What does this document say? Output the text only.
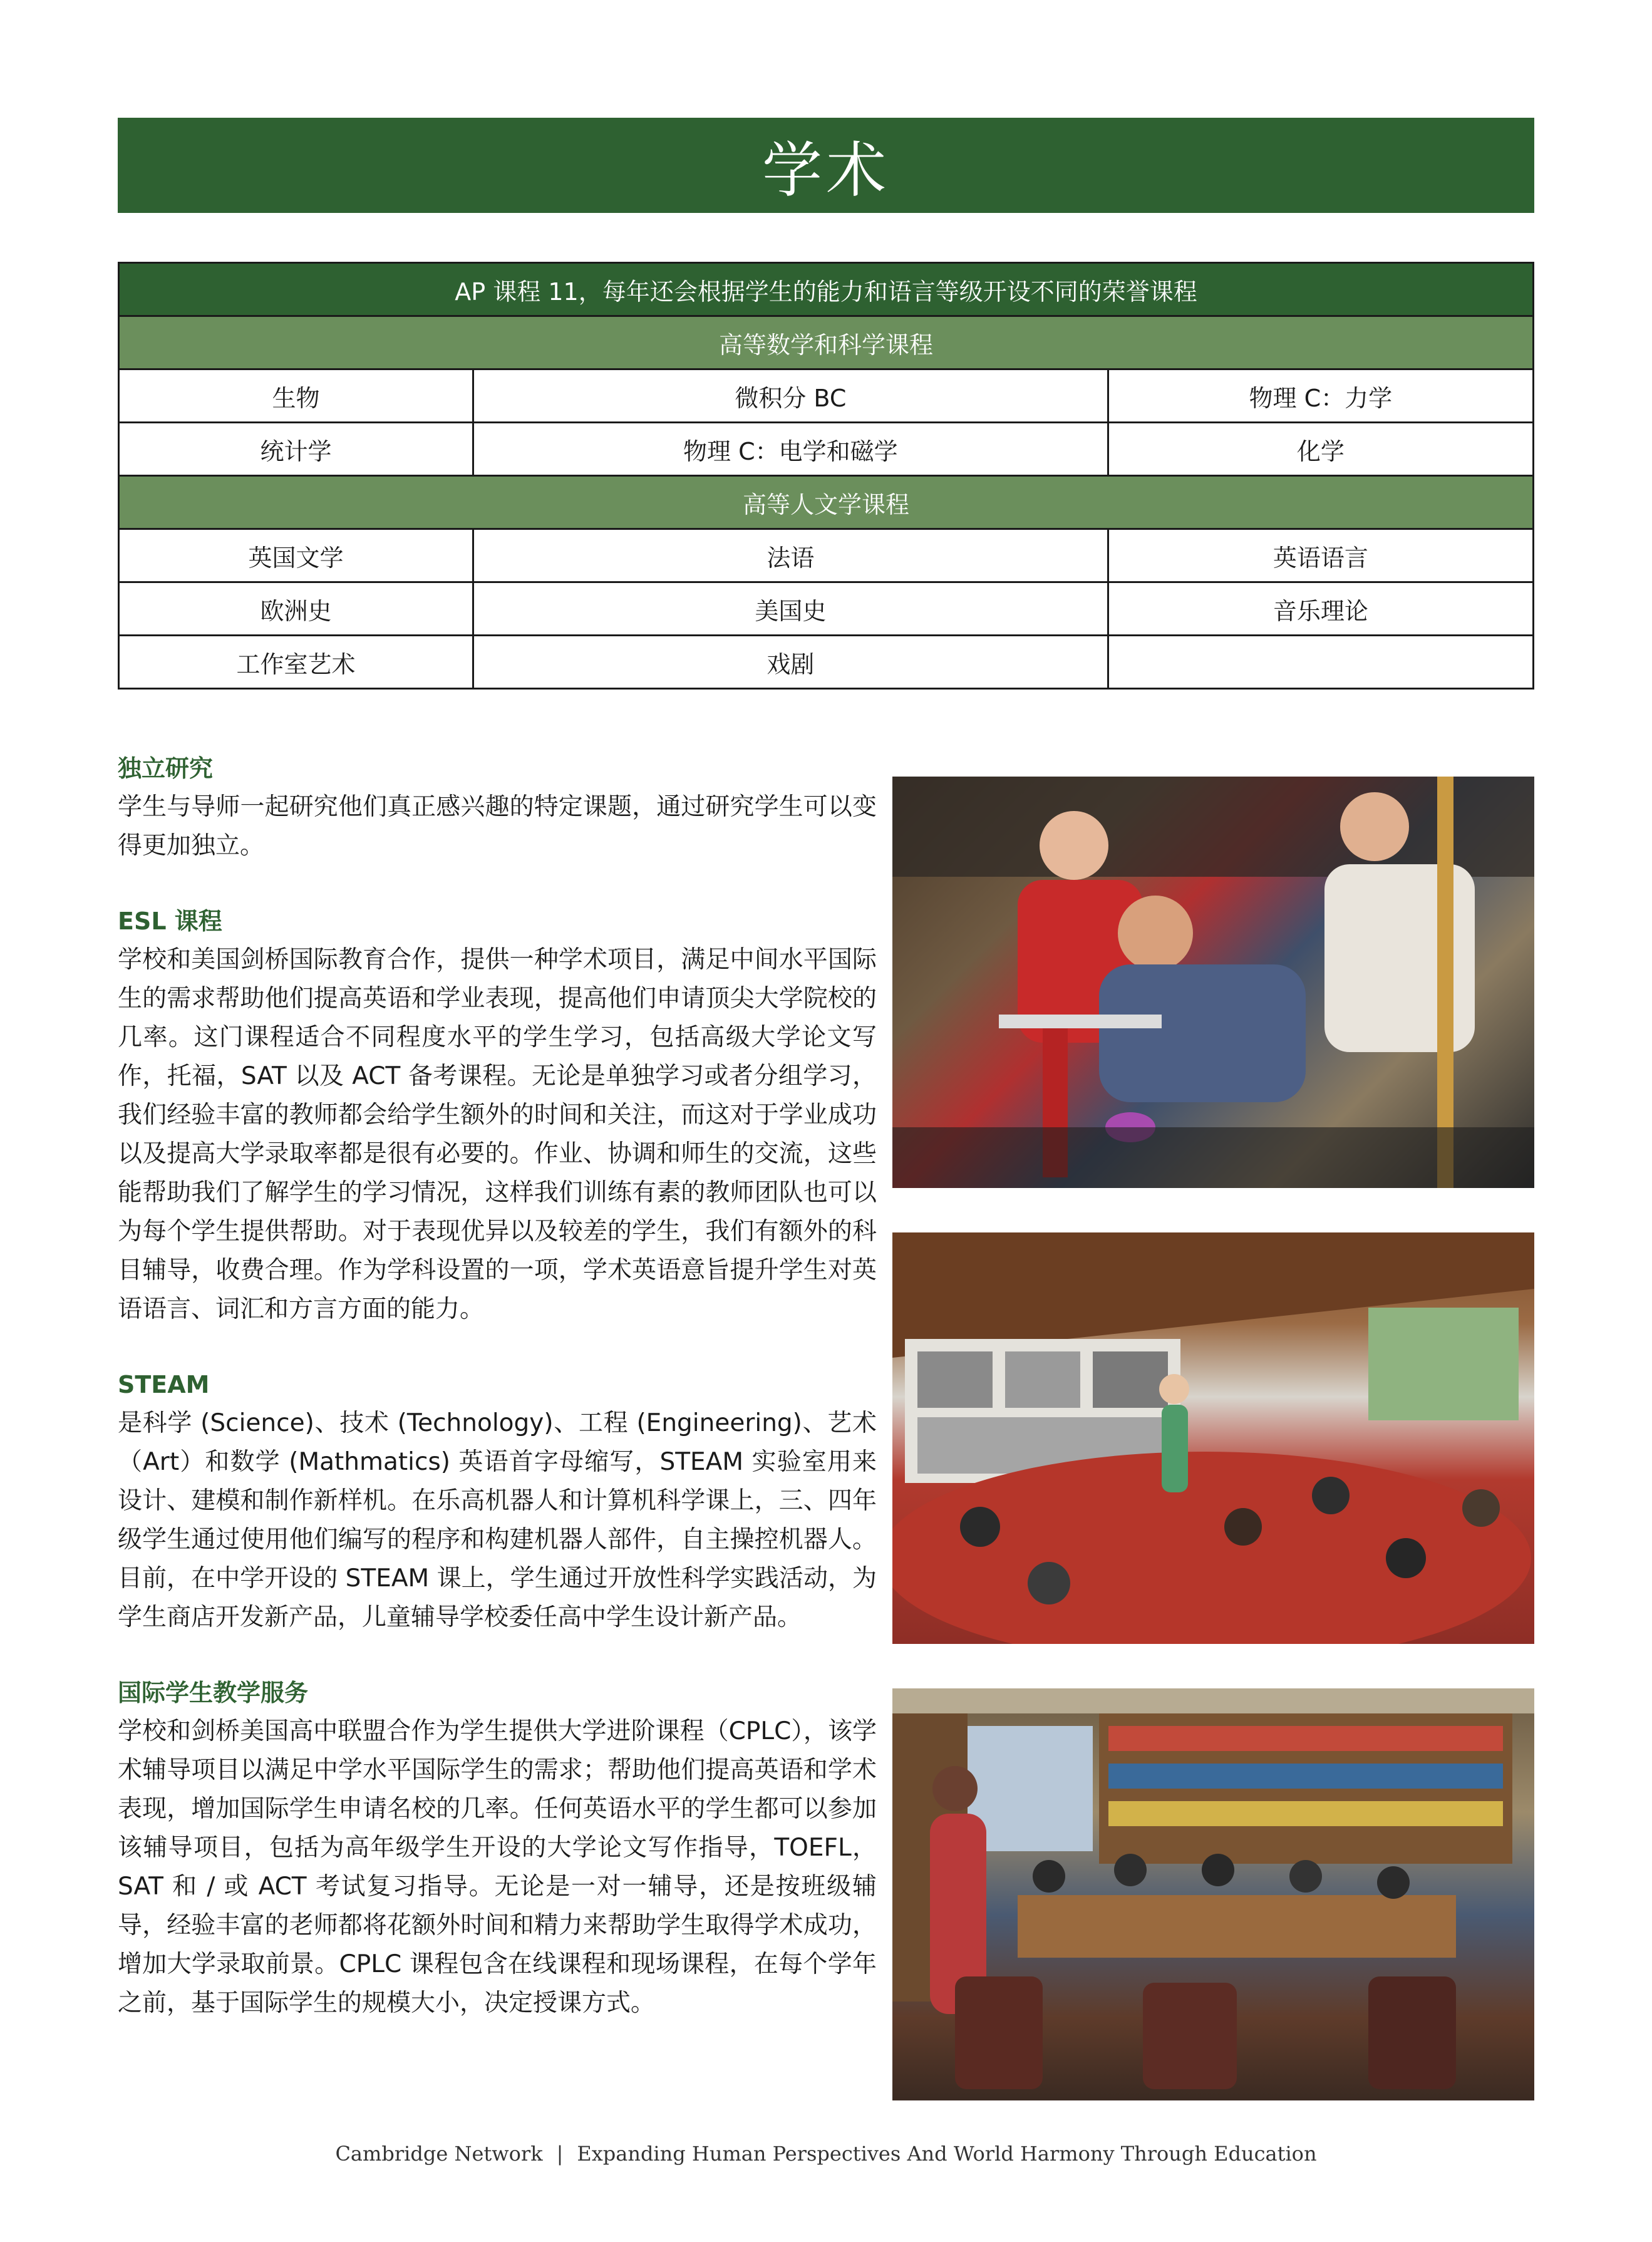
学术
AP 课程 11，每年还会根据学生的能力和语言等级开设不同的荣誉课程		
高等数学和科学课程		
生物	微积分 BC	物理 C：力学
统计学	物理 C：电学和磁学	化学
高等人文学课程		
英国文学	法语	英语语言
欧洲史	美国史	音乐理论
工作室艺术	戏剧	
独立研究

学生与导师一起研究他们真正感兴趣的特定课题，通过研究学生可以变得更加独立。

ESL 课程

学校和美国剑桥国际教育合作，提供一种学术项目，满足中间水平国际生的需求帮助他们提高英语和学业表现，提高他们申请顶尖大学院校的几率。这门课程适合不同程度水平的学生学习，包括高级大学论文写作，托福，SAT 以及 ACT 备考课程。无论是单独学习或者分组学习，我们经验丰富的教师都会给学生额外的时间和关注，而这对于学业成功以及提高大学录取率都是很有必要的。作业、协调和师生的交流，这些能帮助我们了解学生的学习情况，这样我们训练有素的教师团队也可以为每个学生提供帮助。对于表现优异以及较差的学生，我们有额外的科目辅导，收费合理。作为学科设置的一项，学术英语意旨提升学生对英语语言、词汇和方言方面的能力。

STEAM

是科学 (Science)、技术 (Technology)、工程 (Engineering)、艺术（Art）和数学 (Mathmatics) 英语首字母缩写，STEAM 实验室用来设计、建模和制作新样机。在乐高机器人和计算机科学课上，三、四年级学生通过使用他们编写的程序和构建机器人部件，自主操控机器人。目前，在中学开设的 STEAM 课上，学生通过开放性科学实践活动，为学生商店开发新产品，儿童辅导学校委任高中学生设计新产品。

国际学生教学服务

学校和剑桥美国高中联盟合作为学生提供大学进阶课程（CPLC），该学术辅导项目以满足中学水平国际学生的需求；帮助他们提高英语和学术表现，增加国际学生申请名校的几率。任何英语水平的学生都可以参加该辅导项目，包括为高年级学生开设的大学论文写作指导，TOEFL，SAT 和 / 或 ACT 考试复习指导。无论是一对一辅导，还是按班级辅导，经验丰富的老师都将花额外时间和精力来帮助学生取得学术成功，增加大学录取前景。CPLC 课程包含在线课程和现场课程，在每个学年之前，基于国际学生的规模大小，决定授课方式。

Cambridge Network | Expanding Human Perspectives And World Harmony Through Education
